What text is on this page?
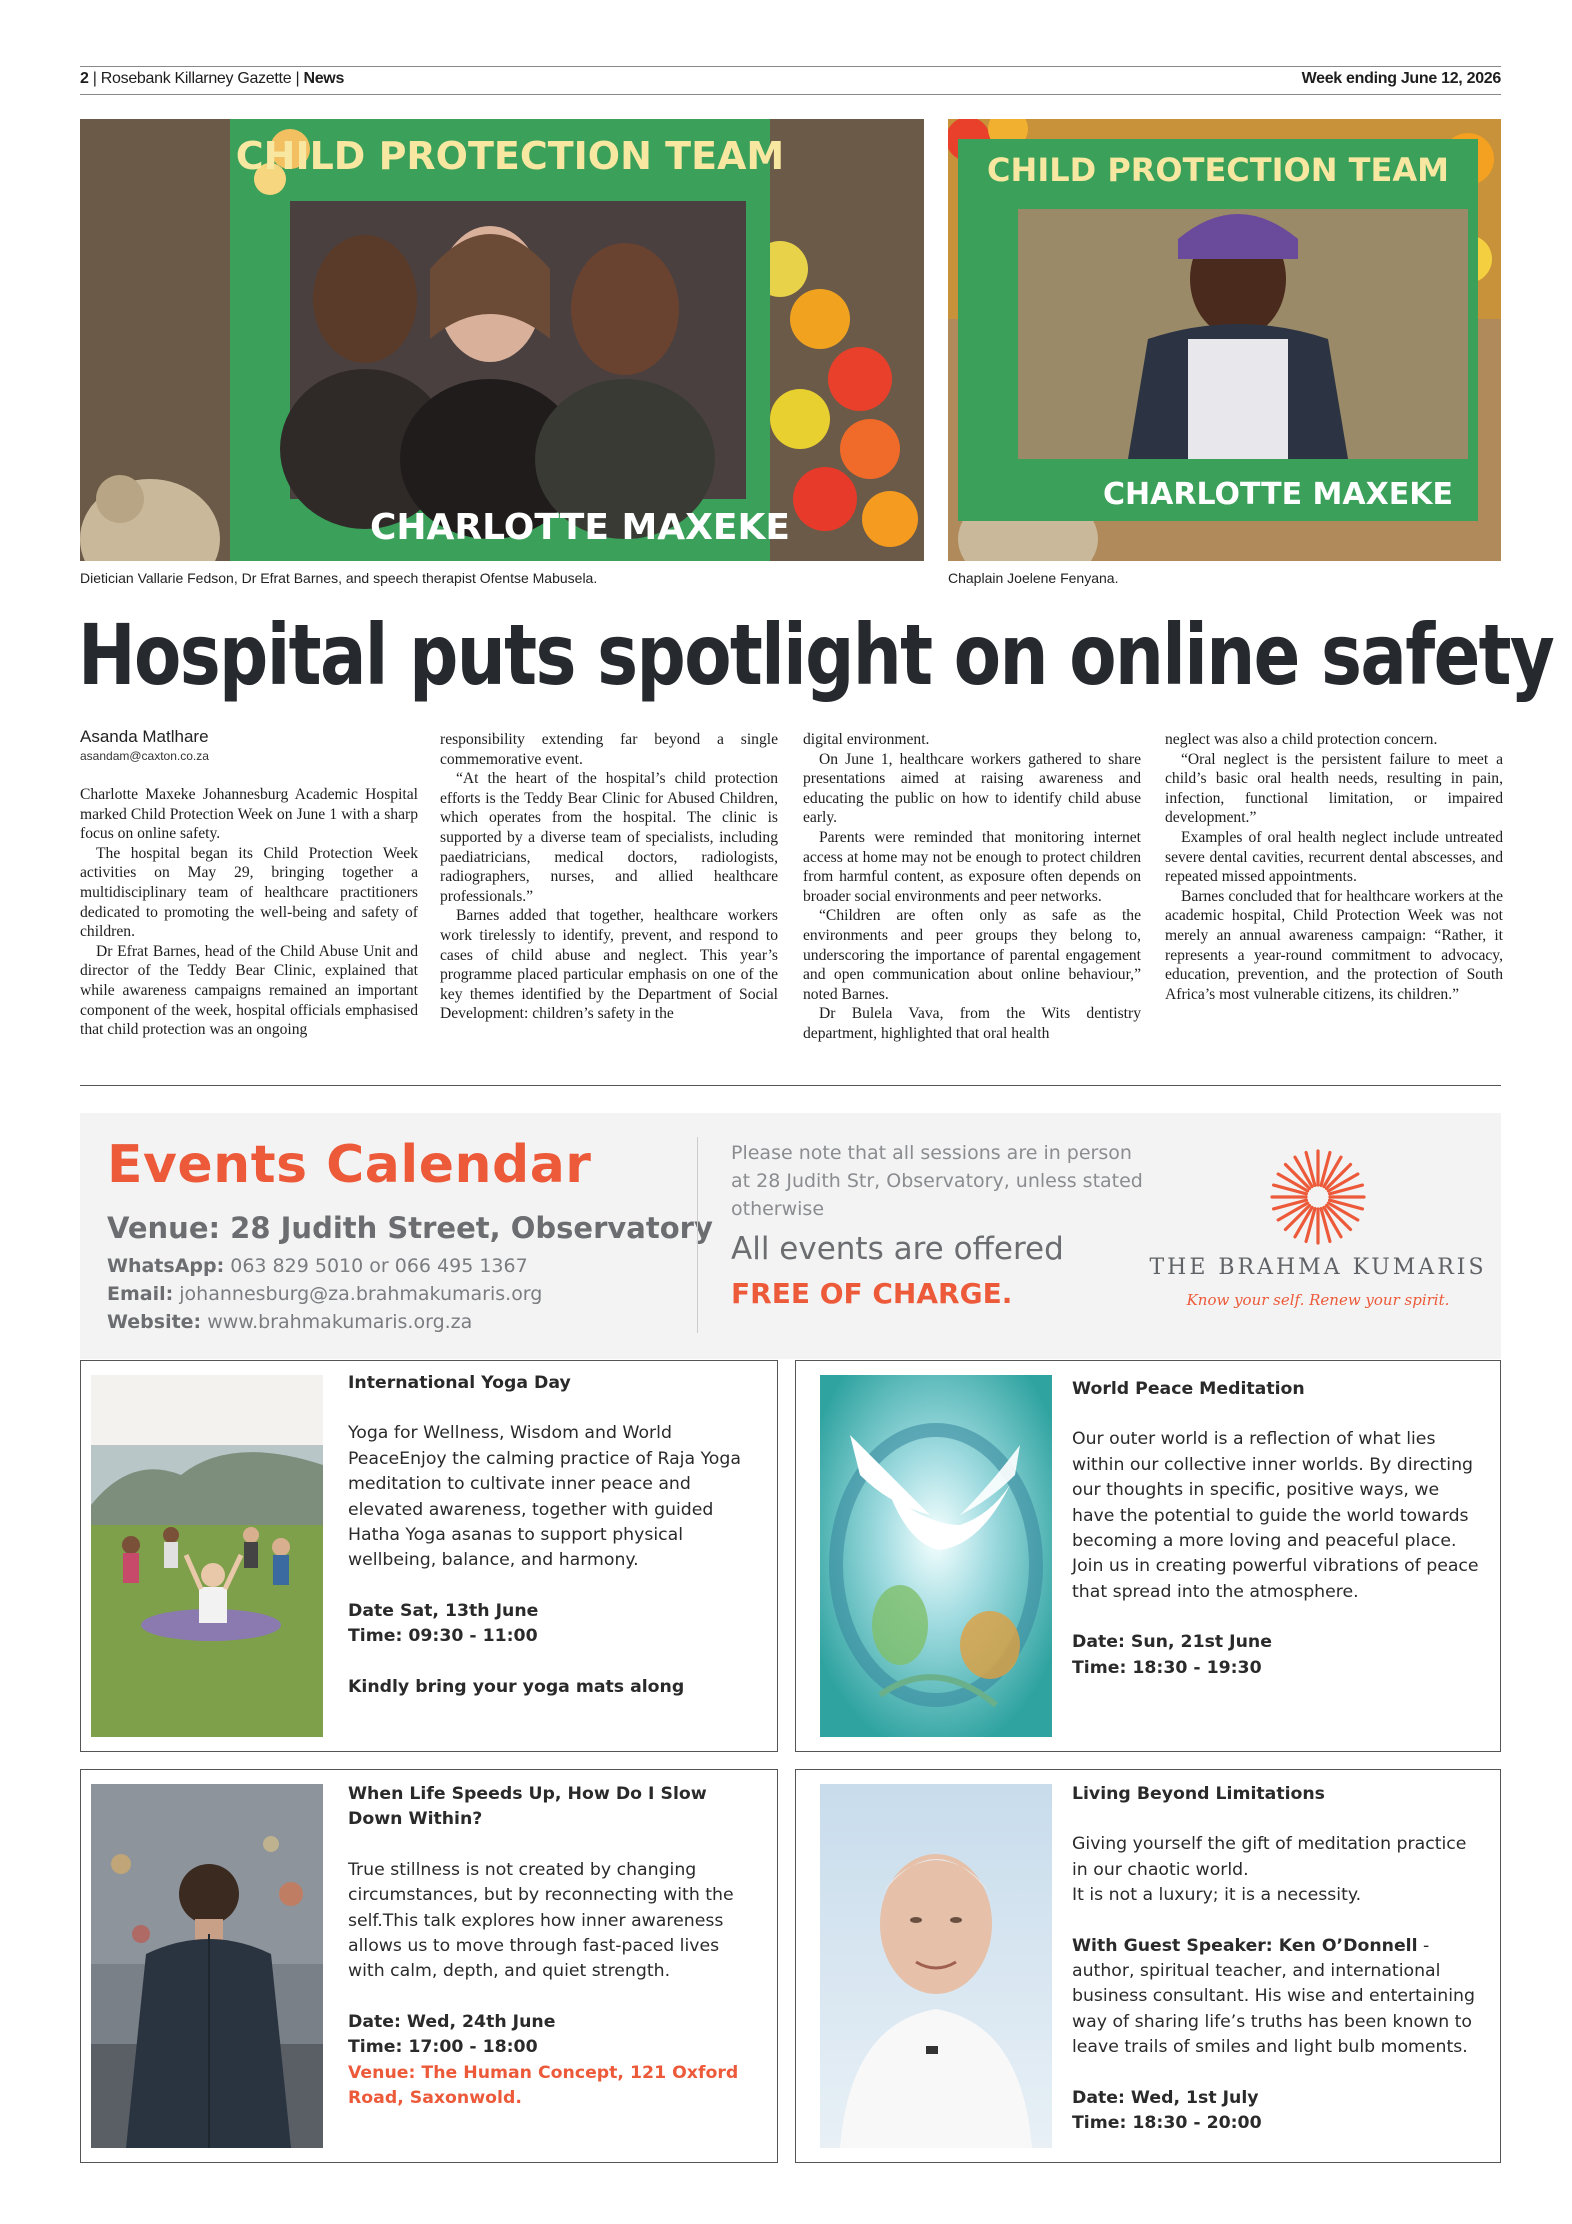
2 | Rosebank Killarney Gazette | News	Week ending June 12, 2026
CHILD PROTECTION TEAM
CHARLOTTE MAXEKE
CHILD PROTECTION TEAM
CHARLOTTE MAXEKE
Dietician Vallarie Fedson, Dr Efrat Barnes, and speech therapist Ofentse Mabusela.	Chaplain Joelene Fenyana.
Hospital puts spotlight on online safety
Asanda Matlhare
asandam@caxton.co.za

Charlotte Maxeke Johannesburg Academic Hospital marked Child Protection Week on June 1 with a sharp focus on online safety.

The hospital began its Child Protection Week activities on May 29, bringing together a multidisciplinary team of healthcare practitioners dedicated to promoting the well-being and safety of children.

Dr Efrat Barnes, head of the Child Abuse Unit and director of the Teddy Bear Clinic, explained that while awareness campaigns remained an important component of the week, hospital officials emphasised that child protection was an ongoing

responsibility extending far beyond a single commemorative event.

“At the heart of the hospital’s child protection efforts is the Teddy Bear Clinic for Abused Children, which operates from the hospital. The clinic is supported by a diverse team of specialists, including paediatricians, medical doctors, radiologists, radiographers, nurses, and allied healthcare professionals.”

Barnes added that together, healthcare workers work tirelessly to identify, prevent, and respond to cases of child abuse and neglect. This year’s programme placed particular emphasis on one of the key themes identified by the Department of Social Development: children’s safety in the

digital environment.

On June 1, healthcare workers gathered to share presentations aimed at raising awareness and educating the public on how to identify child abuse early.

Parents were reminded that monitoring internet access at home may not be enough to protect children from harmful content, as exposure often depends on broader social environments and peer networks.

“Children are often only as safe as the environments and peer groups they belong to, underscoring the importance of parental engagement and open communication about online behaviour,” noted Barnes.

Dr Bulela Vava, from the Wits dentistry department, highlighted that oral health

neglect was also a child protection concern.

“Oral neglect is the persistent failure to meet a child’s basic oral health needs, resulting in pain, infection, functional limitation, or impaired development.”

Examples of oral health neglect include untreated severe dental cavities, recurrent dental abscesses, and repeated missed appointments.

Barnes concluded that for healthcare workers at the academic hospital, Child Protection Week was not merely an annual awareness campaign: “Rather, it represents a year-round commitment to advocacy, education, prevention, and the protection of South Africa’s most vulnerable citizens, its children.”

Events Calendar
Venue: 28 Judith Street, Observatory
WhatsApp: 063 829 5010 or 066 495 1367
Email: johannesburg@za.brahmakumaris.org
Website: www.brahmakumaris.org.za
Please note that all sessions are in person at 28 Judith Str, Observatory, unless stated otherwise
All events are offered
FREE OF CHARGE.
THE BRAHMA KUMARIS
Know your self. Renew your spirit.
International Yoga Day
Yoga for Wellness, Wisdom and World PeaceEnjoy the calming practice of Raja Yoga meditation to cultivate inner peace and elevated awareness, together with guided Hatha Yoga asanas to support physical wellbeing, balance, and harmony.
Date Sat, 13th June
Time: 09:30 - 11:00
Kindly bring your yoga mats along
World Peace Meditation
Our outer world is a reflection of what lies within our collective inner worlds. By directing our thoughts in specific, positive ways, we have the potential to guide the world towards becoming a more loving and peaceful place. Join us in creating powerful vibrations of peace that spread into the atmosphere.
Date: Sun, 21st June
Time: 18:30 - 19:30
When Life Speeds Up, How Do I Slow Down Within?
True stillness is not created by changing circumstances, but by reconnecting with the self.This talk explores how inner awareness allows us to move through fast-paced lives with calm, depth, and quiet strength.
Date: Wed, 24th June
Time: 17:00 - 18:00
Venue: The Human Concept, 121 Oxford Road, Saxonwold.
Living Beyond Limitations
Giving yourself the gift of meditation practice in our chaotic world.
It is not a luxury; it is a necessity.
With Guest Speaker: Ken O’Donnell - author, spiritual teacher, and international business consultant. His wise and entertaining way of sharing life’s truths has been known to leave trails of smiles and light bulb moments.
Date: Wed, 1st July
Time: 18:30 - 20:00
